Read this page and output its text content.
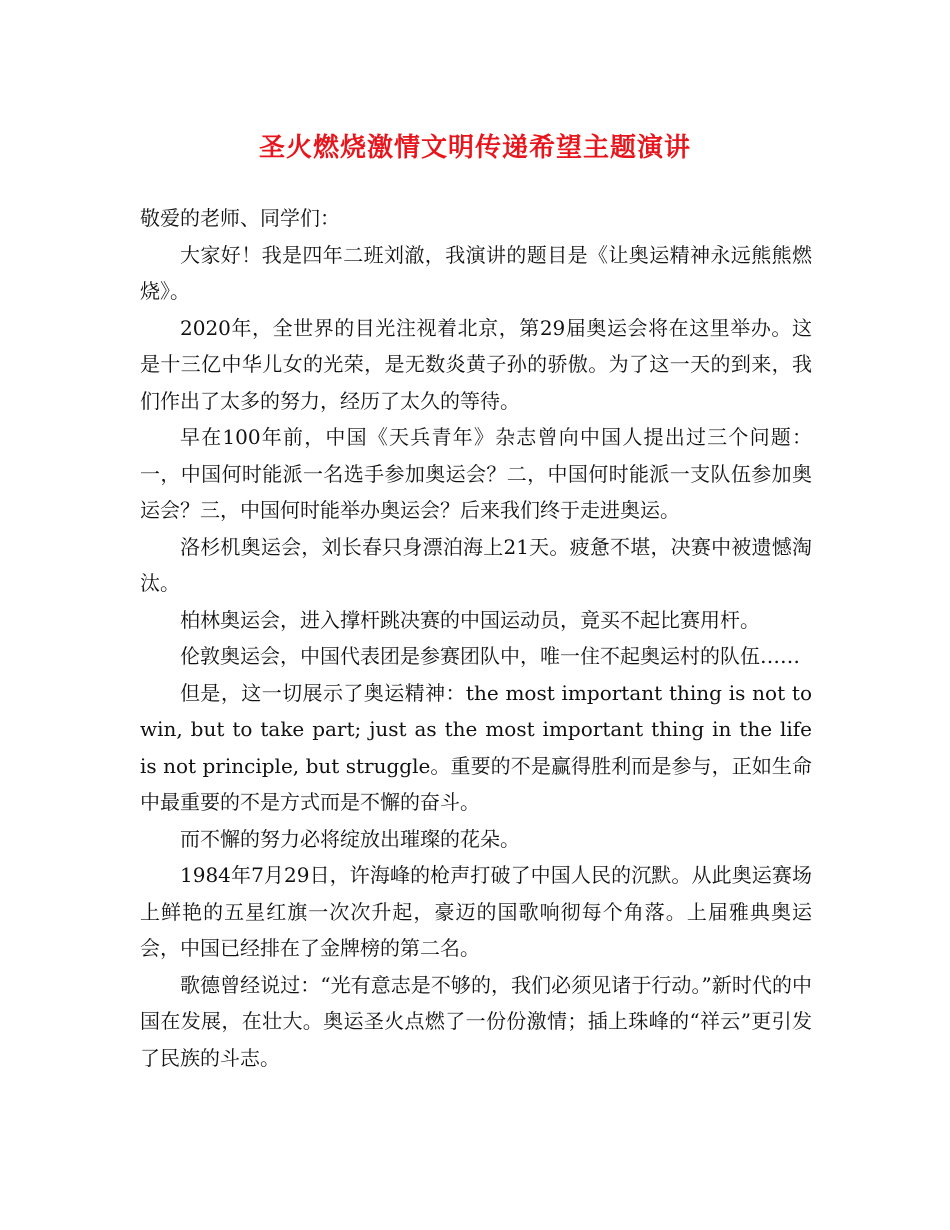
圣火燃烧激情文明传递希望主题演讲

敬爱的老师、同学们：

大家好！我是四年二班刘澈，我演讲的题目是《让奥运精神永远熊熊燃烧》。

2020年，全世界的目光注视着北京，第29届奥运会将在这里举办。这是十三亿中华儿女的光荣，是无数炎黄子孙的骄傲。为了这一天的到来，我们作出了太多的努力，经历了太久的等待。

早在100年前，中国《天兵青年》杂志曾向中国人提出过三个问题：一，中国何时能派一名选手参加奥运会？二，中国何时能派一支队伍参加奥运会？三，中国何时能举办奥运会？后来我们终于走进奥运。

洛杉机奥运会，刘长春只身漂泊海上21天。疲惫不堪，决赛中被遗憾淘汰。

柏林奥运会，进入撑杆跳决赛的中国运动员，竟买不起比赛用杆。

伦敦奥运会，中国代表团是参赛团队中，唯一住不起奥运村的队伍……

但是，这一切展示了奥运精神：the most important thing is not to win, but to take part; just as the most important thing in the life is not principle, but struggle。重要的不是赢得胜利而是参与，正如生命中最重要的不是方式而是不懈的奋斗。

而不懈的努力必将绽放出璀璨的花朵。

1984年7月29日，许海峰的枪声打破了中国人民的沉默。从此奥运赛场上鲜艳的五星红旗一次次升起，豪迈的国歌响彻每个角落。上届雅典奥运会，中国已经排在了金牌榜的第二名。

歌德曾经说过：“光有意志是不够的，我们必须见诸于行动。”新时代的中国在发展，在壮大。奥运圣火点燃了一份份激情；插上珠峰的“祥云”更引发了民族的斗志。
